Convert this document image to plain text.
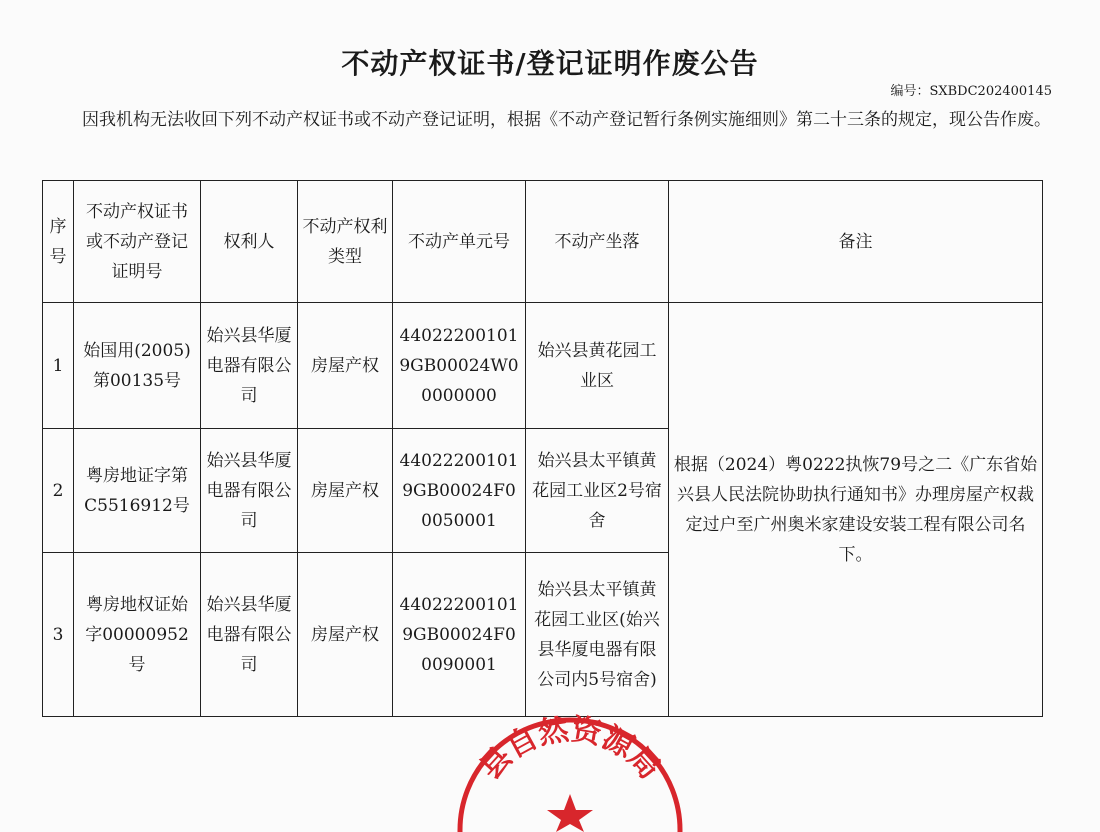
不动产权证书/登记证明作废公告
编号：SXBDC202400145
因我机构无法收回下列不动产权证书或不动产登记证明，根据《不动产登记暂行条例实施细则》第二十三条的规定，现公告作废。
序号	不动产权证书或不动产登记证明号	权利人	不动产权利类型	不动产单元号	不动产坐落	备注
1	始国用(2005)第00135号	始兴县华厦电器有限公司	房屋产权	440222001019GB00024W00000000	始兴县黄花园工业区	根据（2024）粤0222执恢79号之二《广东省始兴县人民法院协助执行通知书》办理房屋产权裁定过户至广州奥米家建设安装工程有限公司名下。
2	粤房地证字第C5516912号	始兴县华厦电器有限公司	房屋产权	440222001019GB00024F00050001	始兴县太平镇黄花园工业区2号宿舍	
3	粤房地权证始字00000952号	始兴县华厦电器有限公司	房屋产权	440222001019GB00024F00090001	始兴县太平镇黄花园工业区(始兴县华厦电器有限公司内5号宿舍)	
县自然资源局
